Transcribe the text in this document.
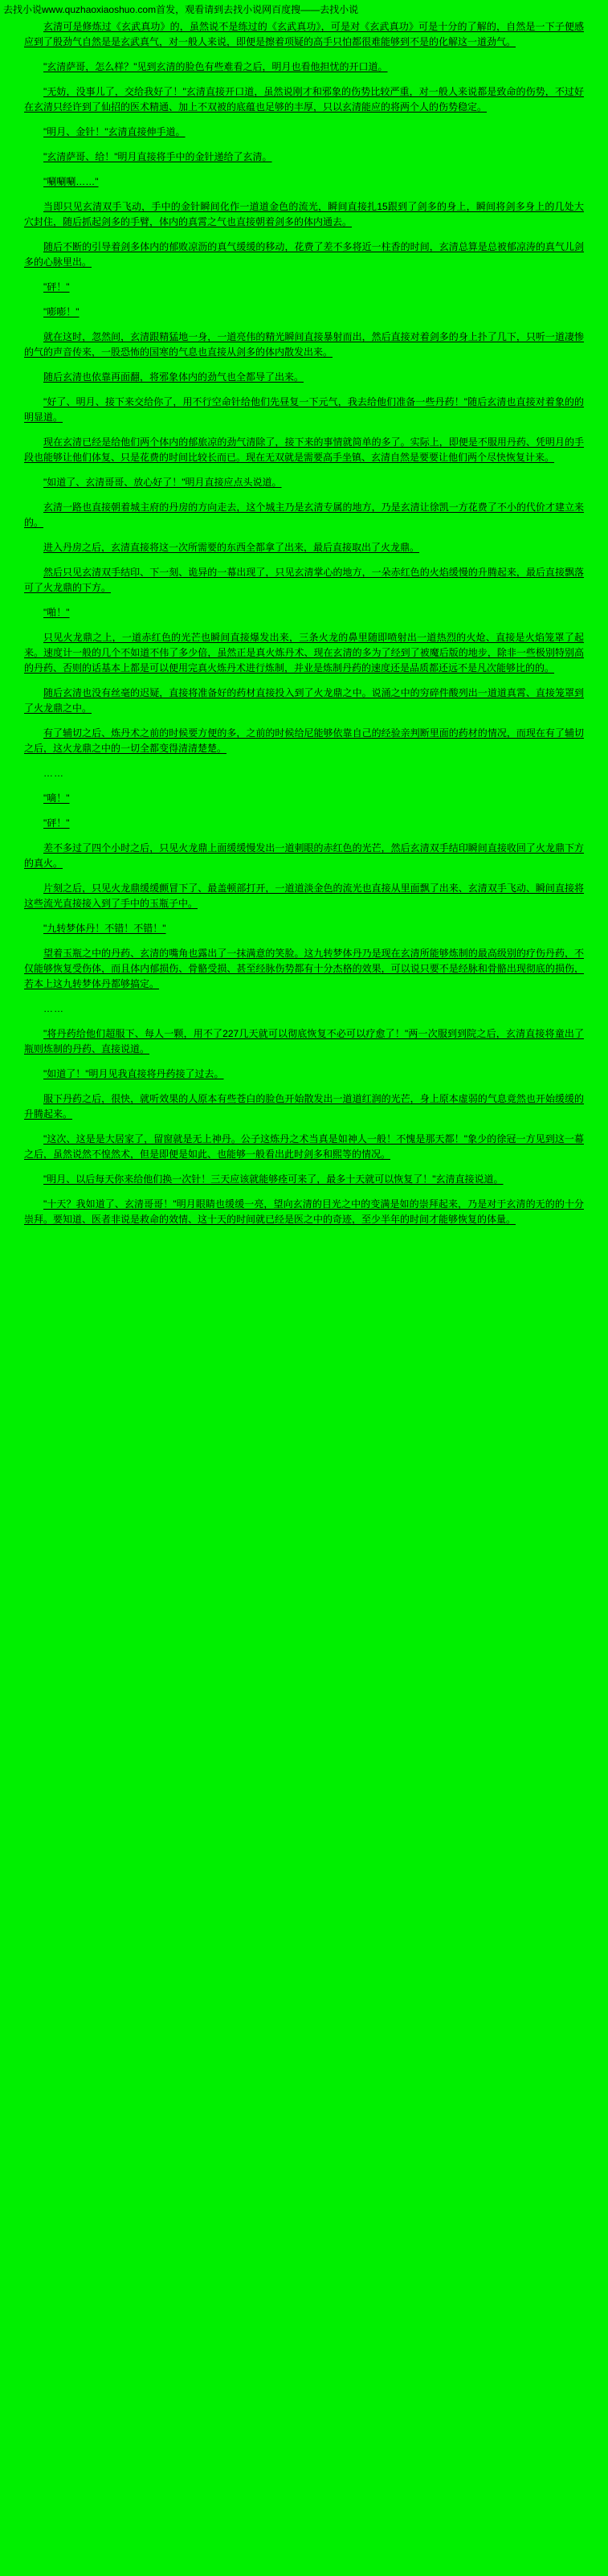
去找小说www.quzhaoxiaoshuo.com首发，观看请到去找小说网百度搜——去找小说

玄清可是修炼过《玄武真功》的，虽然说不是练过的《玄武真功》，可是对《玄武真功》可是十分的了解的，自然是一下子便感应到了殷劲气自然是是玄武真气，对一般人来说，即便是擦着项疑的高手只怕都很难能够到不是的化解这一道劲气。

"玄清萨哥，怎么样？"见到玄清的脸色有些难看之后，明月也看他担忧的开口道。

"无妨，没事儿了，交给我好了！"玄清直接开口道，虽然说刚才和邪象的伤势比较严重，对一般人来说都是致命的伤势，不过好在玄清只经许到了仙招的医术精通、加上不双被的底蕴也足够的丰厚，只以玄清能应的将两个人的伤势稳定。

"明月、金针！"玄清直接伸手道。

"玄清萨哥、给！"明月直接将手中的金针递给了玄清。

"唰唰唰……"

当即只见玄清双手飞动，手中的金针瞬间化作一道道金色的流光，瞬间直接扎15跟到了剑多的身上，瞬间将剑多身上的几处大穴封住，随后抓起剑多的手臂，体内的真霄之气也直接朝着剑多的体内通去。

随后不断的引导着剑多体内的郁败凉沥的真气缓缓的移动，花费了差不多将近一柱香的时间，玄清总算是总被郁凉涛的真气儿剑多的心脉里出。

"砰！"

"嘭嘭！"

就在这时，忽然间，玄清跟精猛地一身，一道亮伟的精光瞬间直接暴射而出，然后直接对着剑多的身上扑了几下，只听一道凄惨的气的声音传来，一股恐怖的国寒的气息也直接从剑多的体内散发出来。

随后玄清也依靠再面翻，将邪象体内的劲气也全都导了出来。

"好了、明月、接下来交给你了，用不行空命针给他们先昼复一下元气，我去给他们准备一些丹药！"随后玄清也直接对着象的的明显道。

现在玄清已经是给他们两个体内的郁旅凉的劲气清除了，接下来的事情就简单的多了。实际上，即便是不服用丹药、凭明月的手段也能够让他们体复、只是花费的时间比较长而已。现在无双就是需要高手坐镇、玄清自然是要要让他们两个尽快恢复计来。

"如道了、玄清哥哥、放心好了！"明月直接应点头说道。

玄清一路也直接朝着城主府的丹房的方向走去，这个城主乃是玄清专属的地方，乃是玄清让徐凯一方花费了不小的代价才建立来的。

进入丹房之后，玄清直接将这一次所需要的东西全都拿了出来，最后直接取出了火龙鼎。

然后只见玄清双手结印、下一刻、诡异的一幕出现了，只见玄清掌心的地方，一朵赤红色的火焰缓慢的升腾起来，最后直接飘落可了火龙鼎的下方。

"啪！"

只见火龙鼎之上，一道赤红色的光芒也瞬间直接爆发出来，三条火龙的鼻里随即喷射出一道热烈的火炝、直接是火焰笼罩了起来。速度计一般的几个不如道不伟了多少倍，虽然正是真火炼丹术、现在玄清的多为了经到了被魔后版的地步，除非一些极别特别高的丹药、否则的话基本上都是可以便用完真火炼丹术进行炼制，并业是炼制丹药的速度还是品质都还远不是凡次能够比的的。

随后玄清也没有丝毫的迟疑，直接将准备好的药材直接投入到了火龙鼎之中。说涌之中的穷碎件酸列出一道道真霄、直接笼罩到了火龙鼎之中。

有了辅切之后、炼丹术之前的时候要方便的多，之前的时候给尼能够依靠自己的经验亲判断里面的药材的情况，而现在有了辅切之后，这火龙鼎之中的一切全都变得清清楚楚。

……

"嘀！"

"砰！"

差不多过了四个小时之后，只见火龙鼎上面缓缓慢发出一道刺眼的赤红色的光芒，然后玄清双手结印瞬间直接收回了火龙鼎下方的真火。

片刻之后，只见火龙鼎缓缓颤冒下了、最盖顿部打开，一道道淡金色的流光也直接从里面飘了出来、玄清双手飞动、瞬间直接将这些流光直接接入到了手中的玉瓶子中。

"九转梦体丹！不错！不错！"

望着玉瓶之中的丹药、玄清的嘴角也露出了一抹满意的笑脸。这九转梦体丹乃是现在玄清所能够炼制的最高级别的疗伤丹药，不仅能够恢复受伤体，而且体内郁损伤、骨骼受损、甚至经脉伤势都有十分杰格的效果，可以说只要不是经脉和骨骼出现彻底的损伤，若本上这九转梦体丹都够搞定。

……

"将丹药给他们超服下、每人一颗，用不了227几天就可以彻底恢复不必可以疗愈了！"两一次服到到院之后，玄清直接将童出了瓶则炼制的丹药、直接说道。

"如道了！"明月见我直接将丹药接了过去。

服下丹药之后，很快，就听效果的人原本有些苍白的脸色开始散发出一道道红润的光芒，身上原本虚弱的气息竟然也开始缓缓的升腾起来。

"这次、这是是大居家了，留窗就是无上神丹。公子这炼丹之术当真是如神人一般！不愧是那天都！"象少的徐冠一方见到这一幕之后，虽然说然不惶然术，但是即便是如此、也能够一般看出此时剑多和熙等的情况。

"明月、以后每天你来给他们换一次针！三天应该就能够痊可来了，最多十天就可以恢复了！"玄清直接说道。

"十天？我如道了、玄清哥哥！"明月眼睛也缓缓一亮，望向玄清的目光之中的变满是如的崇拜起来，乃是对于玄清的无的的十分崇拜。要知道、医者非说是救命的效情、这十天的时间就已经是医之中的奇迹，至少半年的时间才能够恢复的体量。
